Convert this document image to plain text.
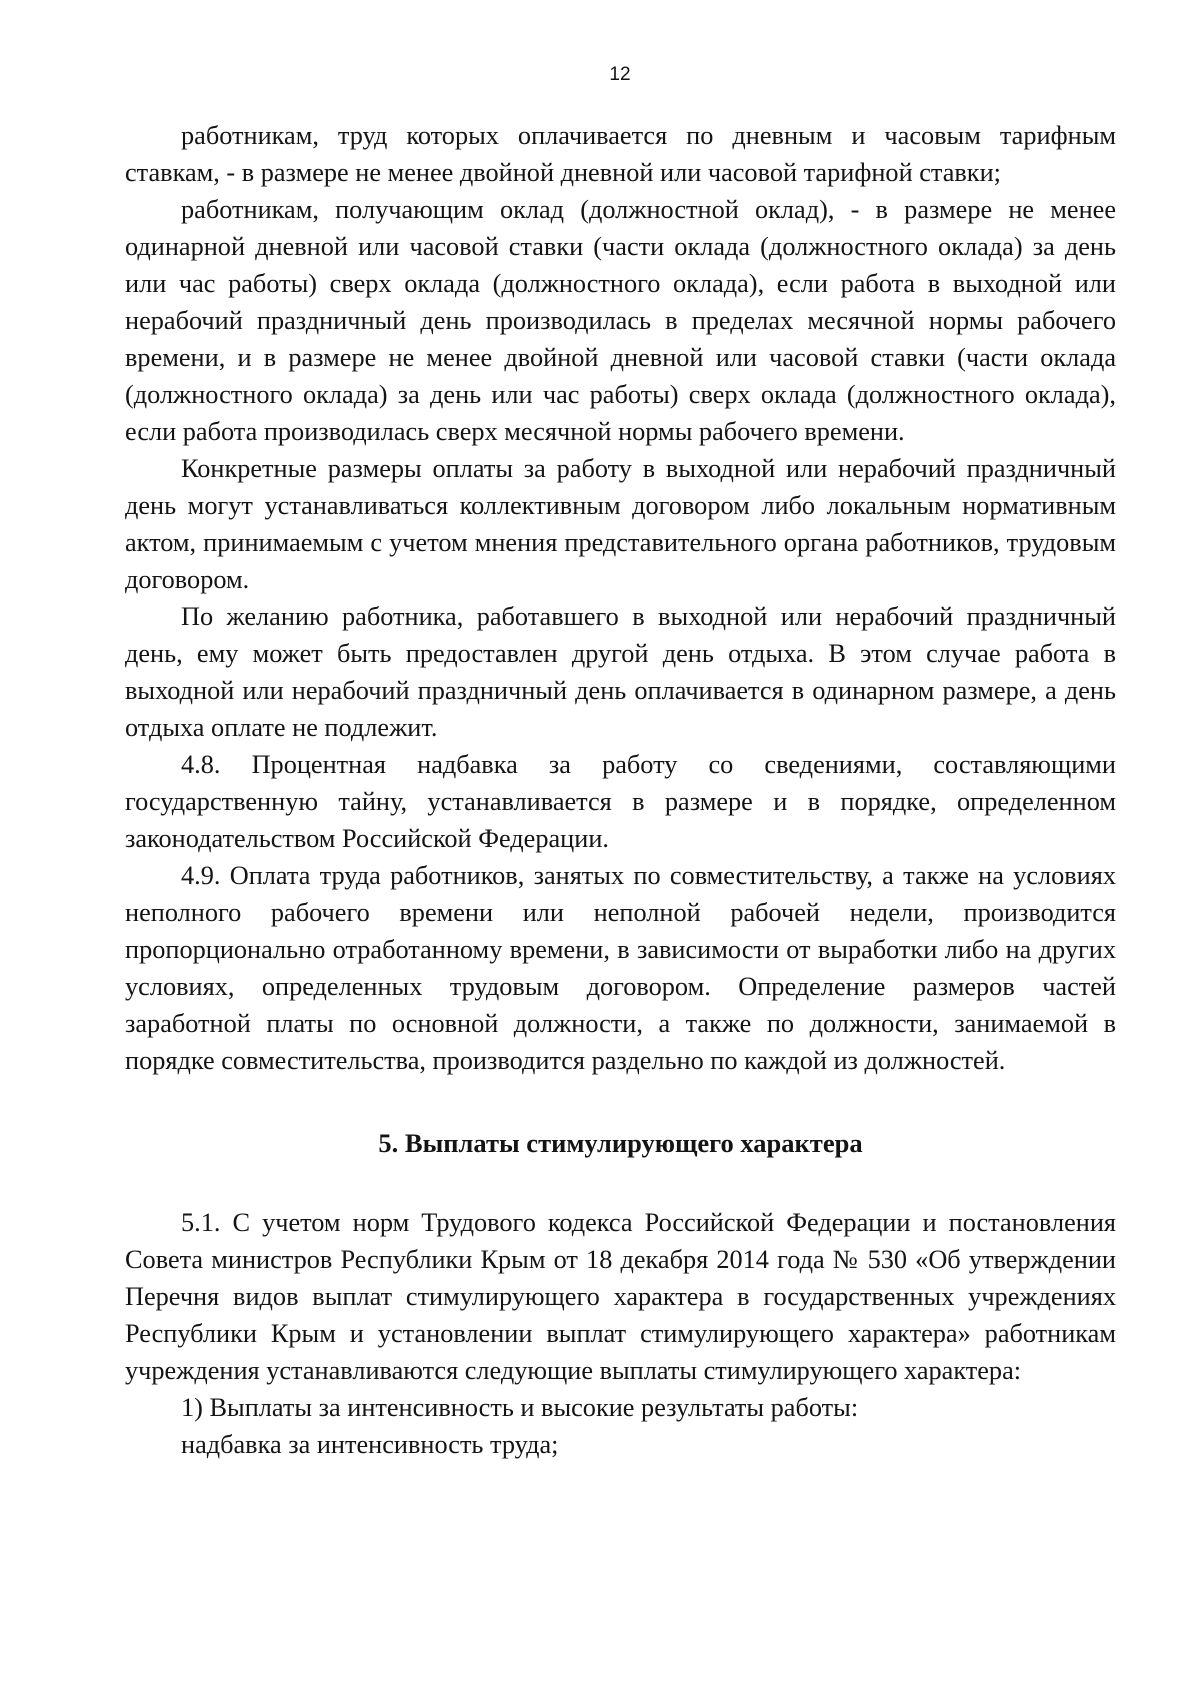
12

работникам, труд которых оплачивается по дневным и часовым тарифным ставкам, - в размере не менее двойной дневной или часовой тарифной ставки;

работникам, получающим оклад (должностной оклад), - в размере не менее одинарной дневной или часовой ставки (части оклада (должностного оклада) за день или час работы) сверх оклада (должностного оклада), если работа в выходной или нерабочий праздничный день производилась в пределах месячной нормы рабочего времени, и в размере не менее двойной дневной или часовой ставки (части оклада (должностного оклада) за день или час работы) сверх оклада (должностного оклада), если работа производилась сверх месячной нормы рабочего времени.

Конкретные размеры оплаты за работу в выходной или нерабочий праздничный день могут устанавливаться коллективным договором либо локальным нормативным актом, принимаемым с учетом мнения представительного органа работников, трудовым договором.

По желанию работника, работавшего в выходной или нерабочий праздничный день, ему может быть предоставлен другой день отдыха. В этом случае работа в выходной или нерабочий праздничный день оплачивается в одинарном размере, а день отдыха оплате не подлежит.

4.8. Процентная надбавка за работу со сведениями, составляющими государственную тайну, устанавливается в размере и в порядке, определенном законодательством Российской Федерации.

4.9. Оплата труда работников, занятых по совместительству, а также на условиях неполного рабочего времени или неполной рабочей недели, производится пропорционально отработанному времени, в зависимости от выработки либо на других условиях, определенных трудовым договором. Определение размеров частей заработной платы по основной должности, а также по должности, занимаемой в порядке совместительства, производится раздельно по каждой из должностей.

5. Выплаты стимулирующего характера

5.1. С учетом норм Трудового кодекса Российской Федерации и постановления Совета министров Республики Крым от 18 декабря 2014 года № 530 «Об утверждении Перечня видов выплат стимулирующего характера в государственных учреждениях Республики Крым и установлении выплат стимулирующего характера» работникам учреждения устанавливаются следующие выплаты стимулирующего характера:

1) Выплаты за интенсивность и высокие результаты работы:

надбавка за интенсивность труда;
